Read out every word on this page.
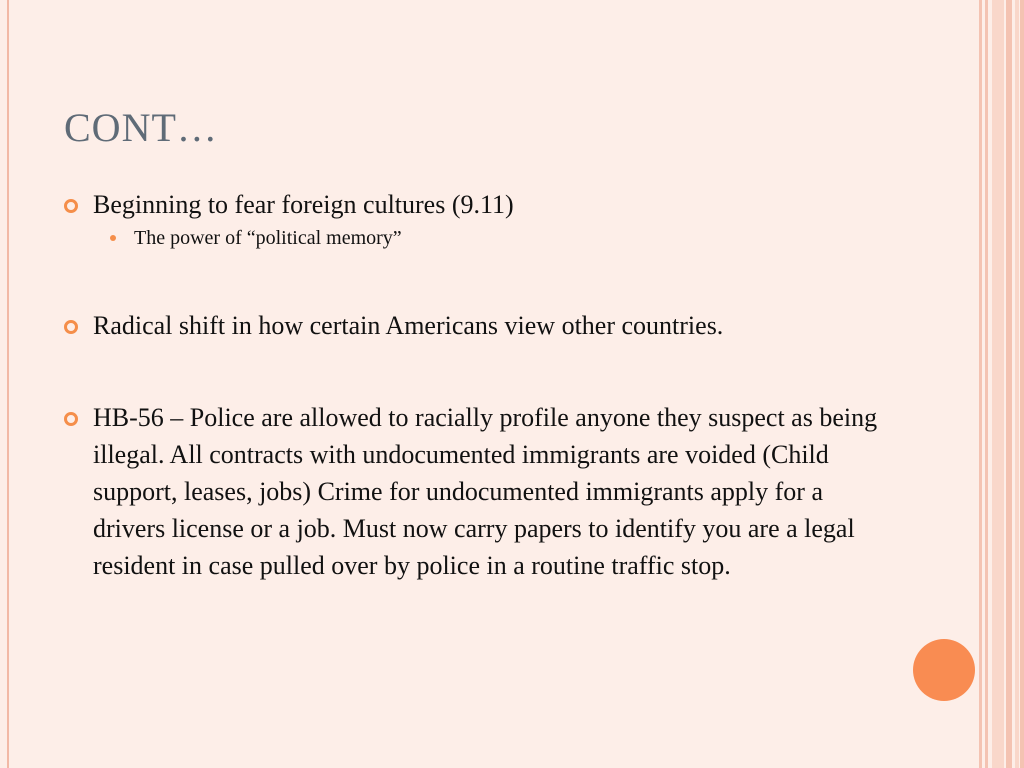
CONT…
Beginning to fear foreign cultures (9.11)
The power of “political memory”
Radical shift in how certain Americans view other countries.
HB-56 – Police are allowed to racially profile anyone they suspect as being illegal. All contracts with undocumented immigrants are voided (Child support, leases, jobs) Crime for undocumented immigrants apply for a drivers license or a job. Must now carry papers to identify you are a legal resident in case pulled over by police in a routine traffic stop.
